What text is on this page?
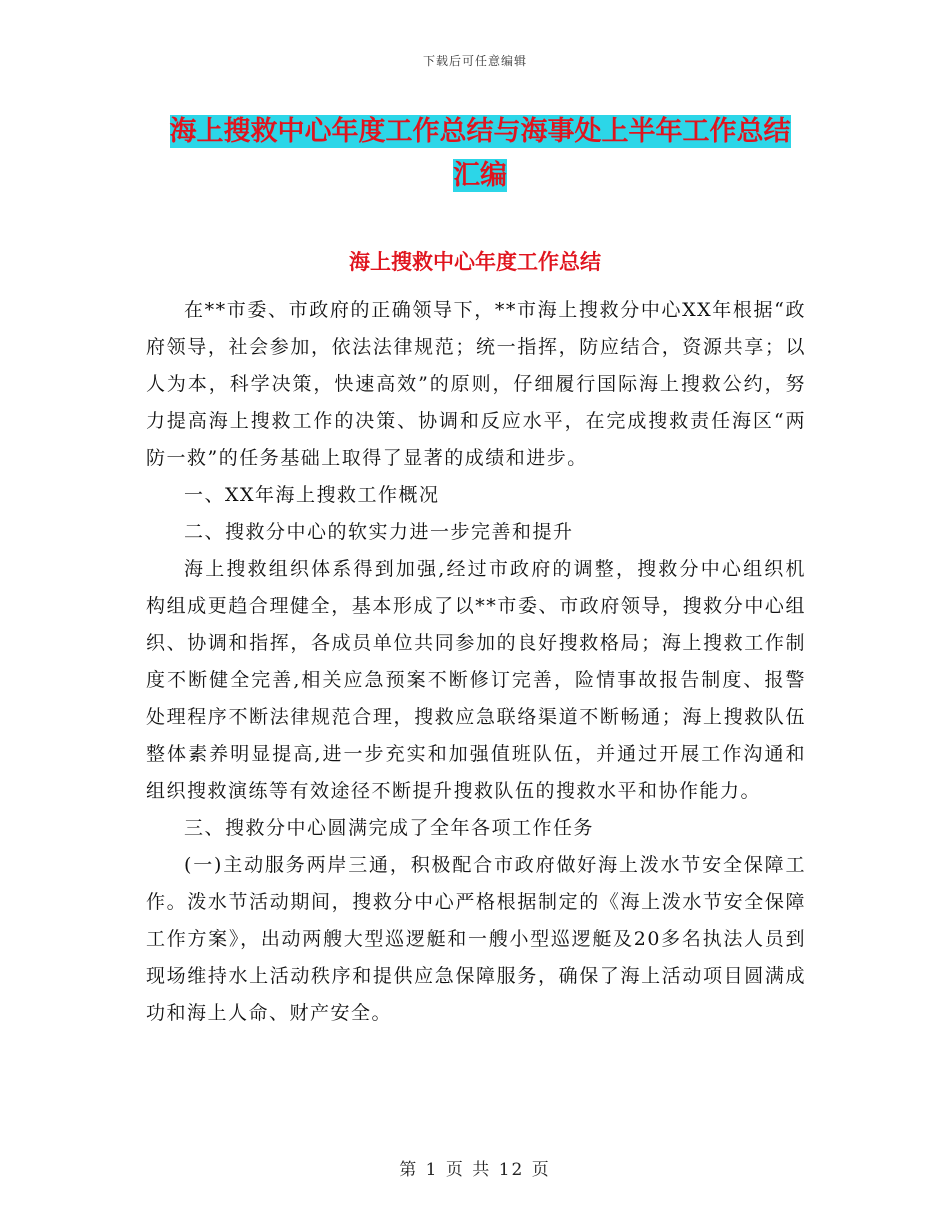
下载后可任意编辑
海上搜救中心年度工作总结与海事处上半年工作总结
汇编
海上搜救中心年度工作总结

在**市委、市政府的正确领导下，**市海上搜救分中心XX年根据“政府领导，社会参加，依法法律规范；统一指挥，防应结合，资源共享；以人为本，科学决策，快速高效”的原则，仔细履行国际海上搜救公约，努力提高海上搜救工作的决策、协调和反应水平，在完成搜救责任海区“两防一救”的任务基础上取得了显著的成绩和进步。

一、XX年海上搜救工作概况

二、搜救分中心的软实力进一步完善和提升

海上搜救组织体系得到加强,经过市政府的调整，搜救分中心组织机构组成更趋合理健全，基本形成了以**市委、市政府领导，搜救分中心组织、协调和指挥，各成员单位共同参加的良好搜救格局；海上搜救工作制度不断健全完善,相关应急预案不断修订完善，险情事故报告制度、报警处理程序不断法律规范合理，搜救应急联络渠道不断畅通；海上搜救队伍整体素养明显提高,进一步充实和加强值班队伍，并通过开展工作沟通和组织搜救演练等有效途径不断提升搜救队伍的搜救水平和协作能力。

三、搜救分中心圆满完成了全年各项工作任务

(一)主动服务两岸三通，积极配合市政府做好海上泼水节安全保障工作。泼水节活动期间，搜救分中心严格根据制定的《海上泼水节安全保障工作方案》，出动两艘大型巡逻艇和一艘小型巡逻艇及20多名执法人员到现场维持水上活动秩序和提供应急保障服务，确保了海上活动项目圆满成功和海上人命、财产安全。

第 1 页 共 12 页
